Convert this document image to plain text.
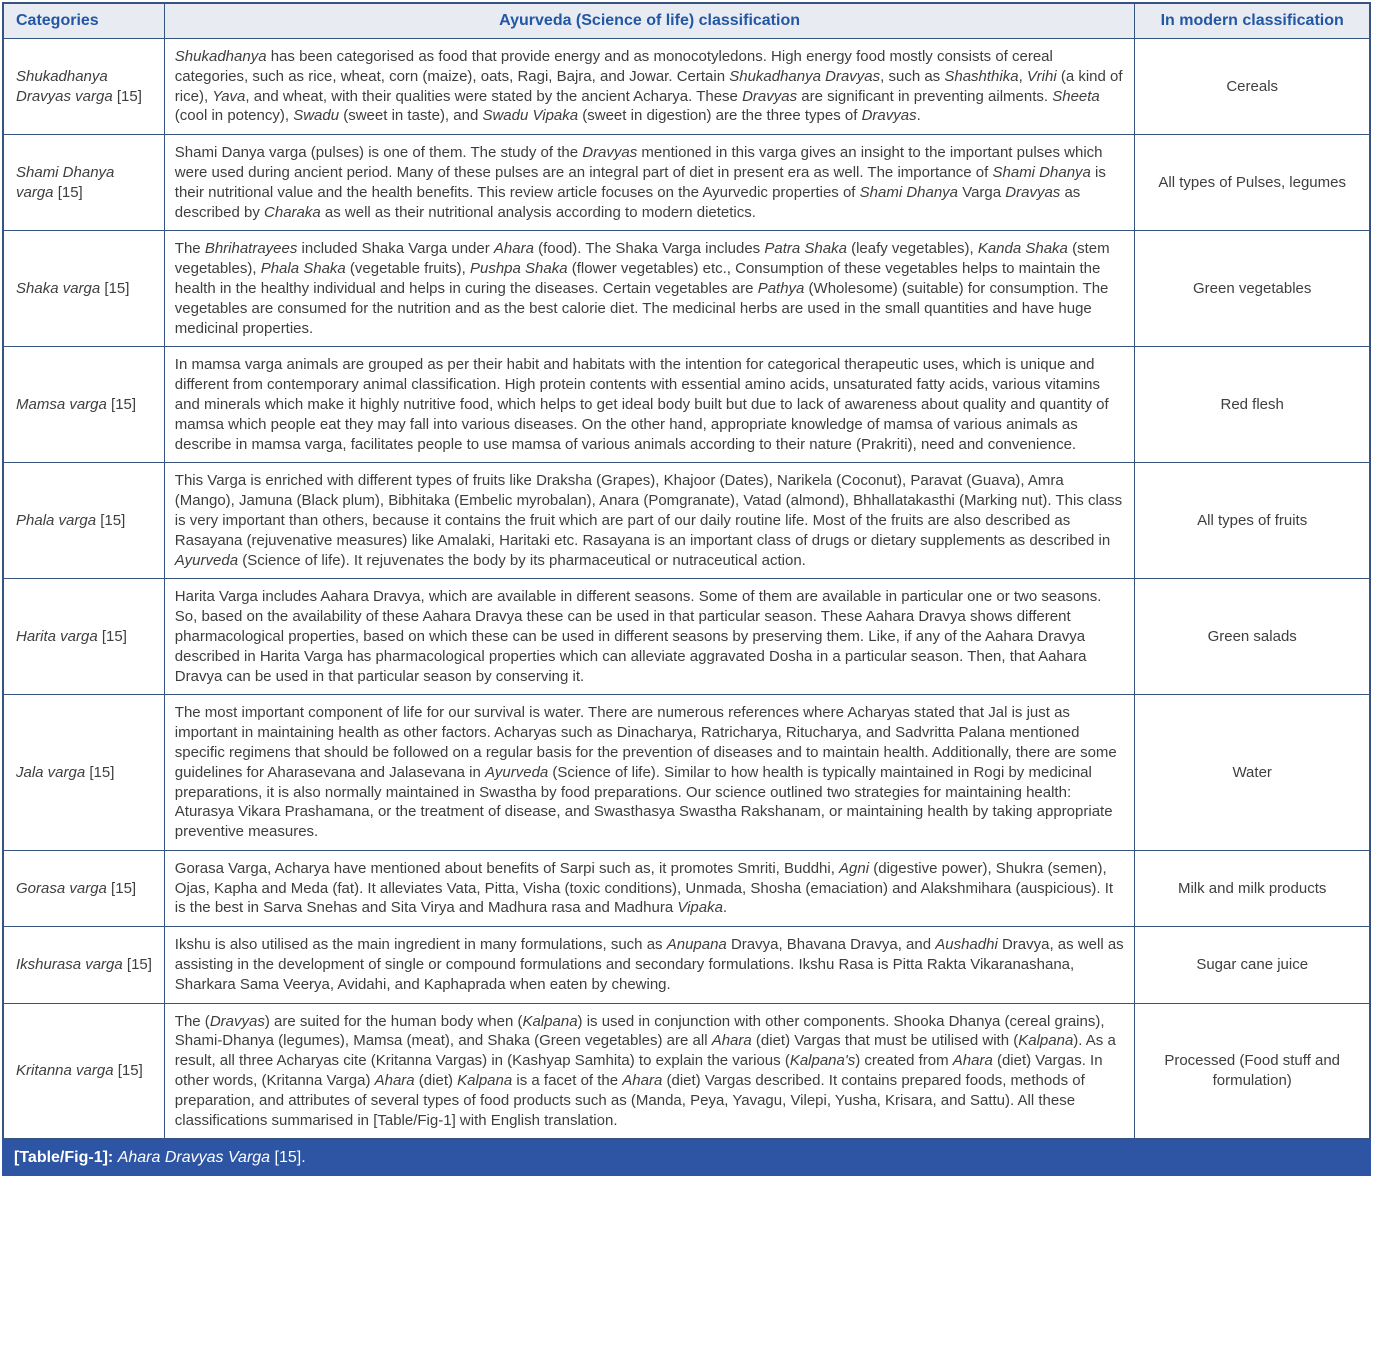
Categories	Ayurveda (Science of life) classification	In modern classification
Shukadhanya Dravyas varga [15]	Shukadhanya has been categorised as food that provide energy and as monocotyledons. High energy food mostly consists of cereal categories, such as rice, wheat, corn (maize), oats, Ragi, Bajra, and Jowar. Certain Shukadhanya Dravyas, such as Shashthika, Vrihi (a kind of rice), Yava, and wheat, with their qualities were stated by the ancient Acharya. These Dravyas are significant in preventing ailments. Sheeta (cool in potency), Swadu (sweet in taste), and Swadu Vipaka (sweet in digestion) are the three types of Dravyas.	Cereals
Shami Dhanya varga [15]	Shami Danya varga (pulses) is one of them. The study of the Dravyas mentioned in this varga gives an insight to the important pulses which were used during ancient period. Many of these pulses are an integral part of diet in present era as well. The importance of Shami Dhanya is their nutritional value and the health benefits. This review article focuses on the Ayurvedic properties of Shami Dhanya Varga Dravyas as described by Charaka as well as their nutritional analysis according to modern dietetics.	All types of Pulses, legumes
Shaka varga [15]	The Bhrihatrayees included Shaka Varga under Ahara (food). The Shaka Varga includes Patra Shaka (leafy vegetables), Kanda Shaka (stem vegetables), Phala Shaka (vegetable fruits), Pushpa Shaka (flower vegetables) etc., Consumption of these vegetables helps to maintain the health in the healthy individual and helps in curing the diseases. Certain vegetables are Pathya (Wholesome) (suitable) for consumption. The vegetables are consumed for the nutrition and as the best calorie diet. The medicinal herbs are used in the small quantities and have huge medicinal properties.	Green vegetables
Mamsa varga [15]	In mamsa varga animals are grouped as per their habit and habitats with the intention for categorical therapeutic uses, which is unique and different from contemporary animal classification. High protein contents with essential amino acids, unsaturated fatty acids, various vitamins and minerals which make it highly nutritive food, which helps to get ideal body built but due to lack of awareness about quality and quantity of mamsa which people eat they may fall into various diseases. On the other hand, appropriate knowledge of mamsa of various animals as describe in mamsa varga, facilitates people to use mamsa of various animals according to their nature (Prakriti), need and convenience.	Red flesh
Phala varga [15]	This Varga is enriched with different types of fruits like Draksha (Grapes), Khajoor (Dates), Narikela (Coconut), Paravat (Guava), Amra (Mango), Jamuna (Black plum), Bibhitaka (Embelic myrobalan), Anara (Pomgranate), Vatad (almond), Bhhallatakasthi (Marking nut). This class is very important than others, because it contains the fruit which are part of our daily routine life. Most of the fruits are also described as Rasayana (rejuvenative measures) like Amalaki, Haritaki etc. Rasayana is an important class of drugs or dietary supplements as described in Ayurveda (Science of life). It rejuvenates the body by its pharmaceutical or nutraceutical action.	All types of fruits
Harita varga [15]	Harita Varga includes Aahara Dravya, which are available in different seasons. Some of them are available in particular one or two seasons. So, based on the availability of these Aahara Dravya these can be used in that particular season. These Aahara Dravya shows different pharmacological properties, based on which these can be used in different seasons by preserving them. Like, if any of the Aahara Dravya described in Harita Varga has pharmacological properties which can alleviate aggravated Dosha in a particular season. Then, that Aahara Dravya can be used in that particular season by conserving it.	Green salads
Jala varga [15]	The most important component of life for our survival is water. There are numerous references where Acharyas stated that Jal is just as important in maintaining health as other factors. Acharyas such as Dinacharya, Ratricharya, Ritucharya, and Sadvritta Palana mentioned specific regimens that should be followed on a regular basis for the prevention of diseases and to maintain health. Additionally, there are some guidelines for Aharasevana and Jalasevana in Ayurveda (Science of life). Similar to how health is typically maintained in Rogi by medicinal preparations, it is also normally maintained in Swastha by food preparations. Our science outlined two strategies for maintaining health: Aturasya Vikara Prashamana, or the treatment of disease, and Swasthasya Swastha Rakshanam, or maintaining health by taking appropriate preventive measures.	Water
Gorasa varga [15]	Gorasa Varga, Acharya have mentioned about benefits of Sarpi such as, it promotes Smriti, Buddhi, Agni (digestive power), Shukra (semen), Ojas, Kapha and Meda (fat). It alleviates Vata, Pitta, Visha (toxic conditions), Unmada, Shosha (emaciation) and Alakshmihara (auspicious). It is the best in Sarva Snehas and Sita Virya and Madhura rasa and Madhura Vipaka.	Milk and milk products
Ikshurasa varga [15]	Ikshu is also utilised as the main ingredient in many formulations, such as Anupana Dravya, Bhavana Dravya, and Aushadhi Dravya, as well as assisting in the development of single or compound formulations and secondary formulations. Ikshu Rasa is Pitta Rakta Vikaranashana, Sharkara Sama Veerya, Avidahi, and Kaphaprada when eaten by chewing.	Sugar cane juice
Kritanna varga [15]	The (Dravyas) are suited for the human body when (Kalpana) is used in conjunction with other components. Shooka Dhanya (cereal grains), Shami-Dhanya (legumes), Mamsa (meat), and Shaka (Green vegetables) are all Ahara (diet) Vargas that must be utilised with (Kalpana). As a result, all three Acharyas cite (Kritanna Vargas) in (Kashyap Samhita) to explain the various (Kalpana's) created from Ahara (diet) Vargas. In other words, (Kritanna Varga) Ahara (diet) Kalpana is a facet of the Ahara (diet) Vargas described. It contains prepared foods, methods of preparation, and attributes of several types of food products such as (Manda, Peya, Yavagu, Vilepi, Yusha, Krisara, and Sattu). All these classifications summarised in [Table/Fig-1] with English translation.	Processed (Food stuff and formulation)
[Table/Fig-1]: Ahara Dravyas Varga [15].
